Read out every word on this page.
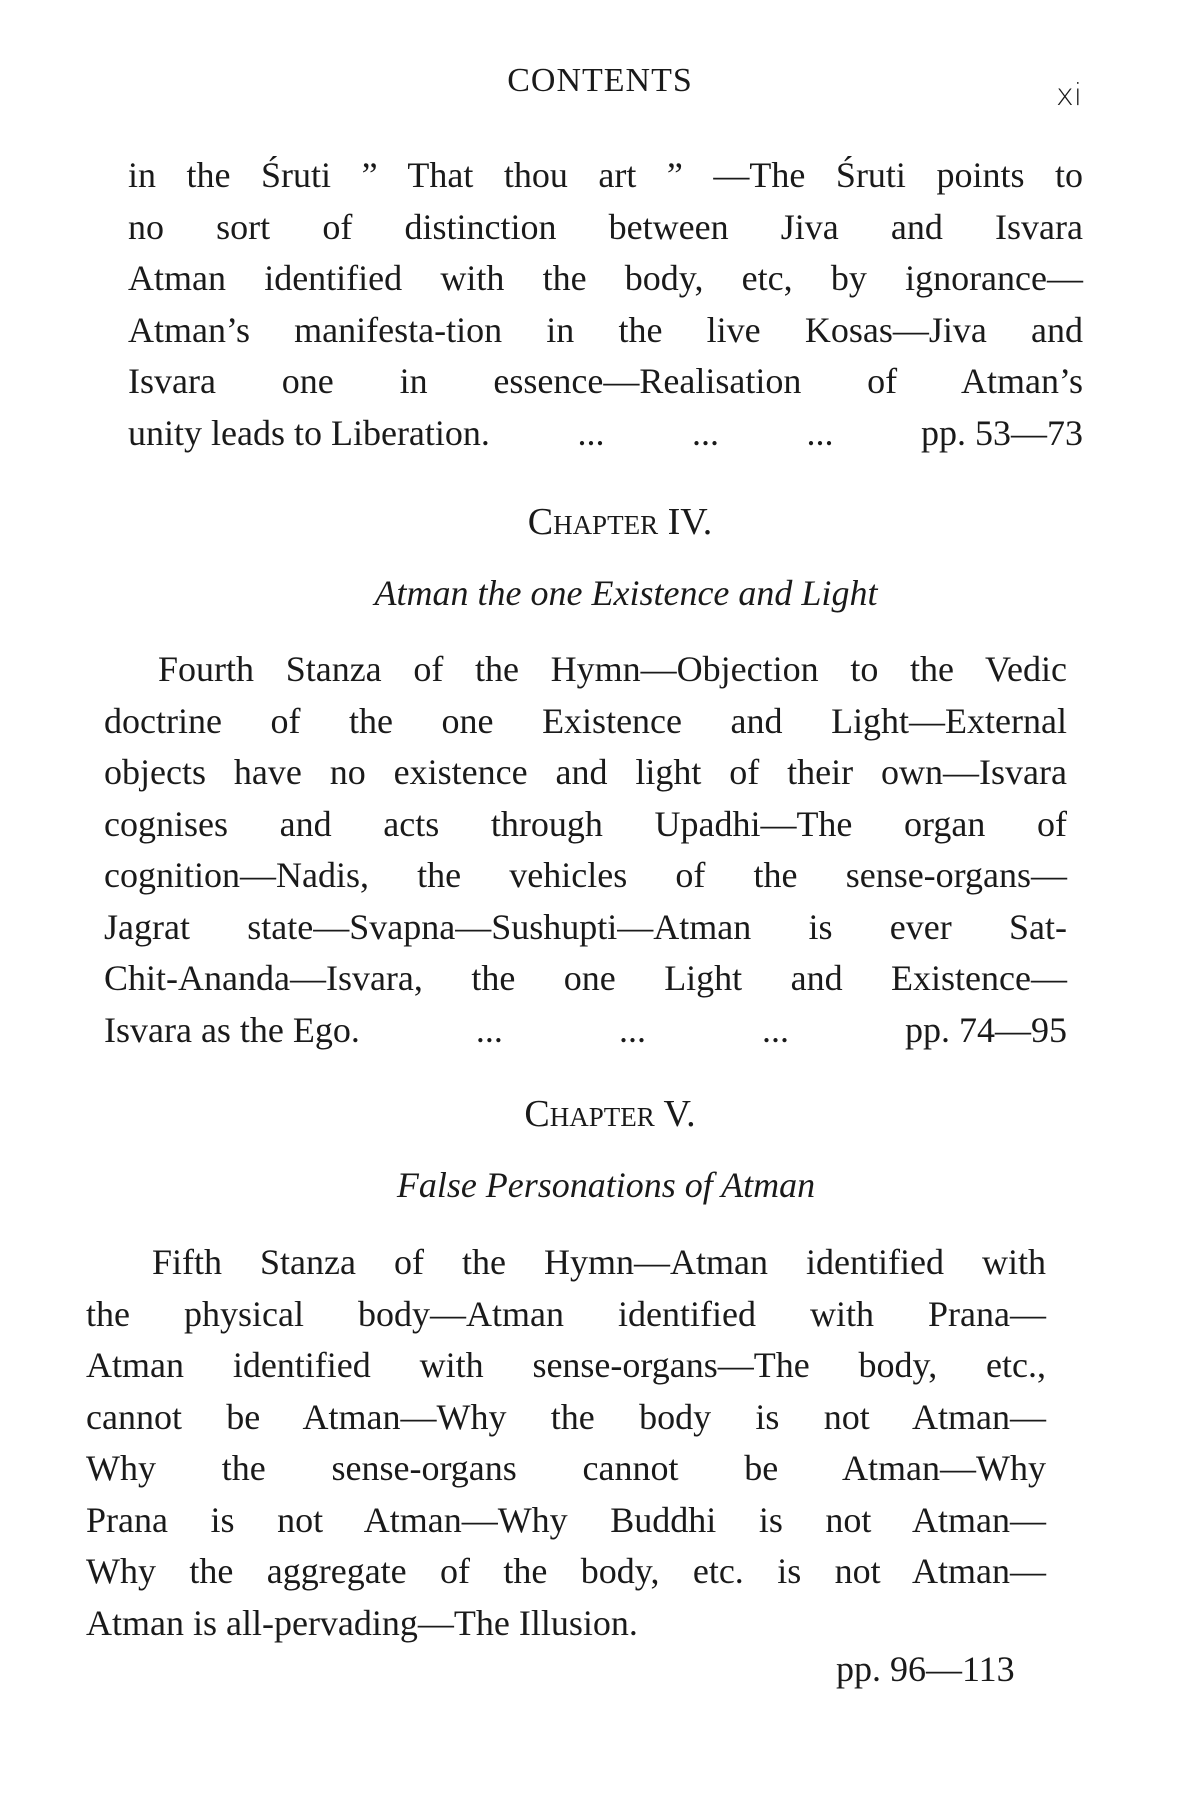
CONTENTS	xi
in the Śruti ” That thou art ” —The Śruti points to
no sort of distinction between Jiva and Isvara
Atman identified with the body, etc, by ignorance—
Atman’s manifesta-tion in the live Kosas—Jiva and
Isvara one in essence—Realisation of Atman’s
unity leads to Liberation. ... ... ... pp. 53—73
Chapter IV.
Atman the one Existence and Light
Fourth Stanza of the Hymn—Objection to the Vedic
doctrine of the one Existence and Light—External
objects have no existence and light of their own—Isvara
cognises and acts through Upadhi—The organ of
cognition—Nadis, the vehicles of the sense-organs—
Jagrat state—Svapna—Sushupti—Atman is ever Sat-
Chit-Ananda—Isvara, the one Light and Existence—
Isvara as the Ego.	...	...	...	pp. 74—95
Chapter V.
False Personations of Atman
Fifth Stanza of the Hymn—Atman identified with
the physical body—Atman identified with Prana—
Atman identified with sense-organs—The body, etc.,
cannot be Atman—Why the body is not Atman—
Why the sense-organs cannot be Atman—Why
Prana is not Atman—Why Buddhi is not Atman—
Why the aggregate of the body, etc. is not Atman—
Atman is all-pervading—The Illusion.
pp. 96—113
